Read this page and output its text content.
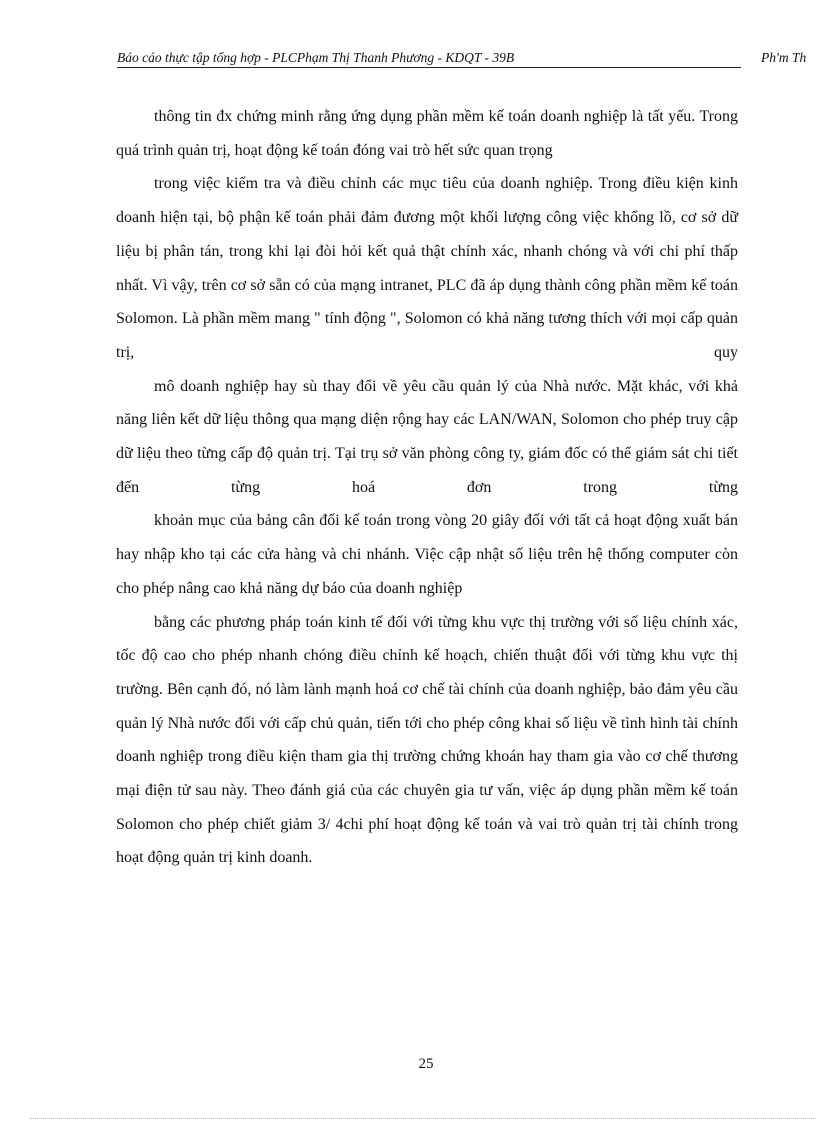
Báo cáo thực tập tổng hợp - PLCPhạm Thị Thanh Phương - KDQT - 39B	Ph'm Th

thông tin đx chứng minh rằng ứng dụng phần mềm kế toán doanh nghiệp là tất yếu. Trong quá trình quản trị, hoạt động kế toán đóng vai trò hết sức quan trọng

trong việc kiểm tra và điều chỉnh các mục tiêu của doanh nghiệp. Trong điều kiện kinh doanh hiện tại, bộ phận kế toán phải đảm đương một khối lượng công việc khổng lồ, cơ sở dữ liệu bị phân tán, trong khi lại đòi hỏi kết quả thật chính xác, nhanh chóng và với chi phí thấp nhất. Vì vậy, trên cơ sở sẵn có của mạng intranet, PLC đã áp dụng thành công phần mềm kế toán Solomon. Là phần mềm mang " tính động ", Solomon có khả năng tương thích với mọi cấp quản trị, quy

mô doanh nghiệp hay sù thay đổi về yêu cầu quản lý của Nhà nước. Mặt khác, với khả năng liên kết dữ liệu thông qua mạng diện rộng hay các LAN/WAN, Solomon cho phép truy cập dữ liệu theo từng cấp độ quản trị. Tại trụ sở văn phòng công ty, giám đốc có thể giám sát chi tiết đến từng hoá đơn trong từng

khoản mục của bảng cân đối kế toán trong vòng 20 giây đối với tất cả hoạt động xuất bán hay nhập kho tại các cửa hàng và chi nhánh. Việc cập nhật số liệu trên hệ thống computer còn cho phép nâng cao khả năng dự báo của doanh nghiệp

bằng các phương pháp toán kinh tế đối với từng khu vực thị trường với số liệu chính xác, tốc độ cao cho phép nhanh chóng điều chỉnh kế hoạch, chiến thuật đối với từng khu vực thị trường. Bên cạnh đó, nó làm lành mạnh hoá cơ chế tài chính của doanh nghiệp, bảo đảm yêu cầu quản lý Nhà nước đối với cấp chủ quản, tiến tới cho phép công khai số liệu về tình hình tài chính doanh nghiệp trong điều kiện tham gia thị trường chứng khoán hay tham gia vào cơ chế thương mại điện tử sau này. Theo đánh giá của các chuyên gia tư vấn, việc áp dụng phần mềm kế toán Solomon cho phép chiết giảm 3/ 4chi phí hoạt động kế toán và vai trò quản trị tài chính trong hoạt động quản trị kinh doanh.

25
